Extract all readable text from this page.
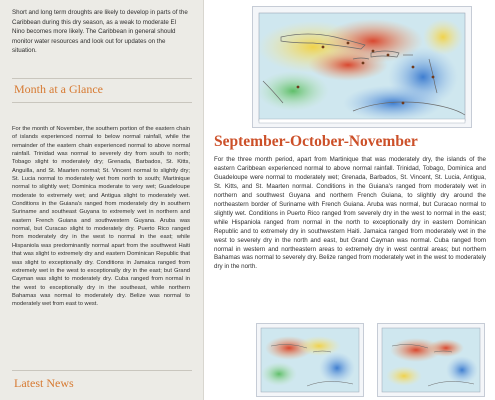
Short and long term droughts are likely to develop in parts of the Caribbean during this dry season, as a weak to moderate El Nino becomes more likely. The Caribbean in general should monitor water resources and look out for updates on the situation.

Month at a Glance

For the month of November, the southern portion of the eastern chain of islands experienced normal to below normal rainfall, while the remainder of the eastern chain experienced normal to above normal rainfall. Trinidad was normal to severely dry from south to north; Tobago slight to moderately dry; Grenada, Barbados, St. Kitts, Anguilla, and St. Maarten normal; St. Vincent normal to slightly dry; St. Lucia normal to moderately wet from north to south; Martinique normal to slightly wet; Dominica moderate to very wet; Guadeloupe moderate to extremely wet; and Antigua slight to moderately wet. Conditions in the Guiana's ranged from moderately dry in southern Suriname and southeast Guyana to extremely wet in northern and eastern French Guiana and southwestern Guyana. Aruba was normal, but Curacao slight to moderately dry. Puerto Rico ranged from moderately dry in the west to normal in the east; while Hispaniola was predominantly normal apart from the southwest Haiti that was slight to extremely dry and eastern Dominican Republic that was slight to exceptionally dry. Conditions in Jamaica ranged from extremely wet in the west to exceptionally dry in the east; but Grand Cayman was slight to moderately dry. Cuba ranged from normal in the west to exceptionally dry in the southeast, while northern Bahamas was normal to moderately dry. Belize was normal to moderately wet from east to west.

Latest News
September-October-November

For the three month period, apart from Martinique that was moderately dry, the islands of the eastern Caribbean experienced normal to above normal rainfall. Trinidad, Tobago, Dominica and Guadeloupe were normal to moderately wet; Grenada, Barbados, St. Vincent, St. Lucia, Antigua, St. Kitts, and St. Maarten normal. Conditions in the Guiana's ranged from moderately wet in northern and southwest Guyana and northern French Guiana, to slightly dry around the northeastern border of Suriname with French Guiana. Aruba was normal, but Curacao normal to slightly wet. Conditions in Puerto Rico ranged from severely dry in the west to normal in the east; while Hispaniola ranged from normal in the north to exceptionally dry in eastern Dominican Republic and to extremely dry in southwestern Haiti. Jamaica ranged from moderately wet in the west to severely dry in the north and east, but Grand Cayman was normal. Cuba ranged from normal in western and northeastern areas to extremely dry in west central areas; but northern Bahamas was normal to severely dry. Belize ranged from moderately wet in the west to moderately dry in the north.
